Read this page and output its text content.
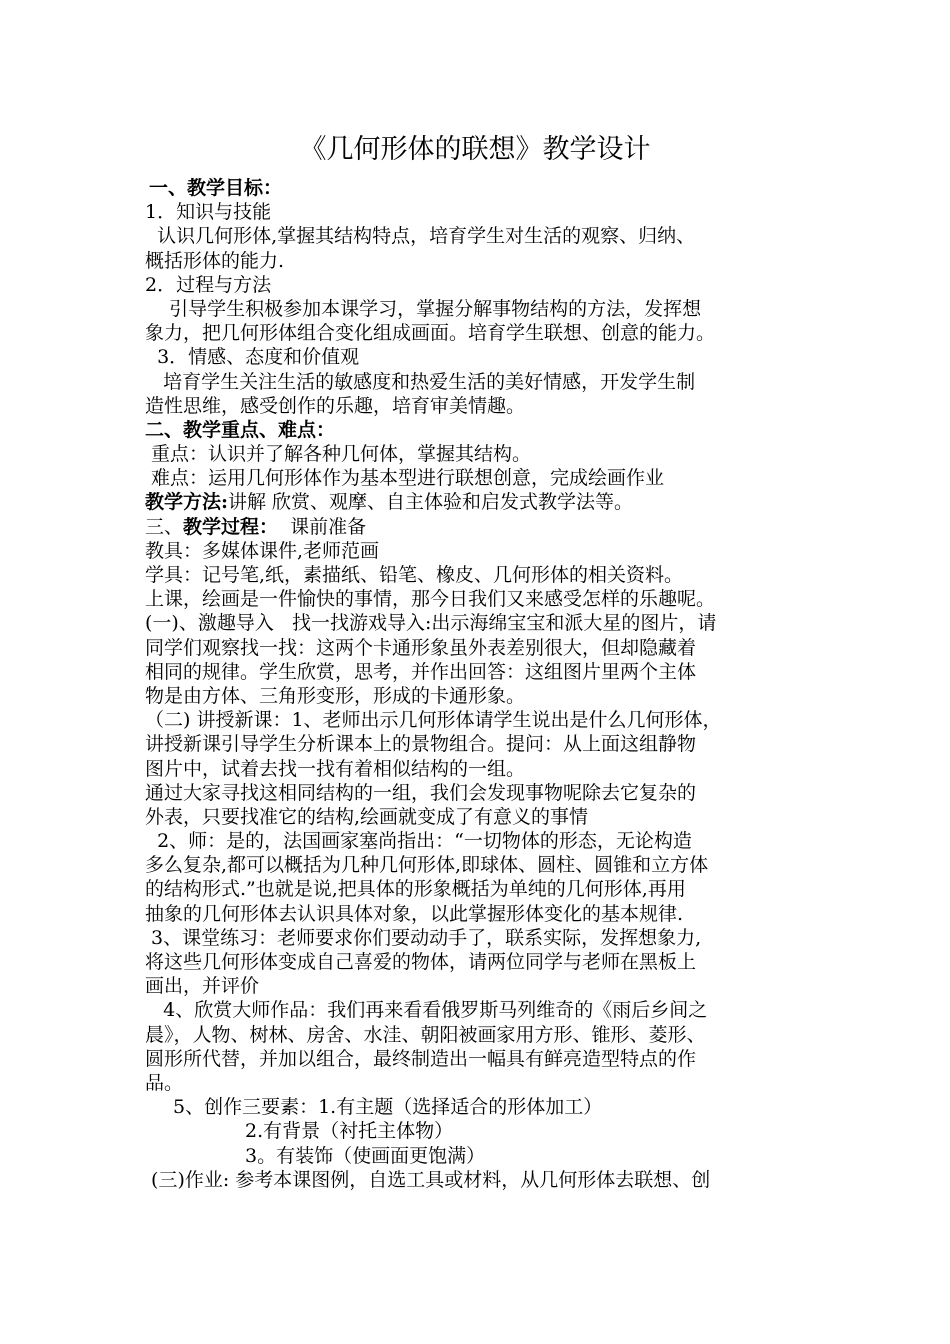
《几何形体的联想》教学设计
一、教学目标：
1．知识与技能
认识几何形体,掌握其结构特点，培育学生对生活的观察、归纳、
概括形体的能力.
2．过程与方法
引导学生积极参加本课学习，掌握分解事物结构的方法，发挥想
象力，把几何形体组合变化组成画面。培育学生联想、创意的能力。
3．情感、态度和价值观
培育学生关注生活的敏感度和热爱生活的美好情感，开发学生制
造性思维，感受创作的乐趣，培育审美情趣。
二、教学重点、难点：
重点：认识并了解各种几何体，掌握其结构。
难点：运用几何形体作为基本型进行联想创意，完成绘画作业
教学方法:讲解 欣赏、观摩、自主体验和启发式教学法等。
三、教学过程：  课前准备
教具：多媒体课件,老师范画
学具：记号笔,纸，素描纸、铅笔、橡皮、几何形体的相关资料。
上课，绘画是一件愉快的事情，那今日我们又来感受怎样的乐趣呢。
(一)、激趣导入   找一找游戏导入:出示海绵宝宝和派大星的图片，请
同学们观察找一找：这两个卡通形象虽外表差别很大，但却隐藏着
相同的规律。学生欣赏，思考，并作出回答：这组图片里两个主体
物是由方体、三角形变形，形成的卡通形象。
（二) 讲授新课：1、老师出示几何形体请学生说出是什么几何形体，
讲授新课引导学生分析课本上的景物组合。提问：从上面这组静物
图片中，试着去找一找有着相似结构的一组。
通过大家寻找这相同结构的一组，我们会发现事物呢除去它复杂的
外表，只要找准它的结构,绘画就变成了有意义的事情
2、师：是的，法国画家塞尚指出：“一切物体的形态，无论构造
多么复杂,都可以概括为几种几何形体,即球体、圆柱、圆锥和立方体
的结构形式.”也就是说,把具体的形象概括为单纯的几何形体,再用
抽象的几何形体去认识具体对象，以此掌握形体变化的基本规律.
3、课堂练习：老师要求你们要动动手了，联系实际，发挥想象力,
将这些几何形体变成自己喜爱的物体，请两位同学与老师在黑板上
画出，并评价
4、欣赏大师作品：我们再来看看俄罗斯马列维奇的《雨后乡间之
晨》，人物、树林、房舍、水洼、朝阳被画家用方形、锥形、菱形、
圆形所代替，并加以组合，最终制造出一幅具有鲜亮造型特点的作
品。
5、创作三要素：1.有主题（选择适合的形体加工）
2.有背景（衬托主体物）
3。有装饰（使画面更饱满）
(三)作业: 参考本课图例，自选工具或材料，从几何形体去联想、创
